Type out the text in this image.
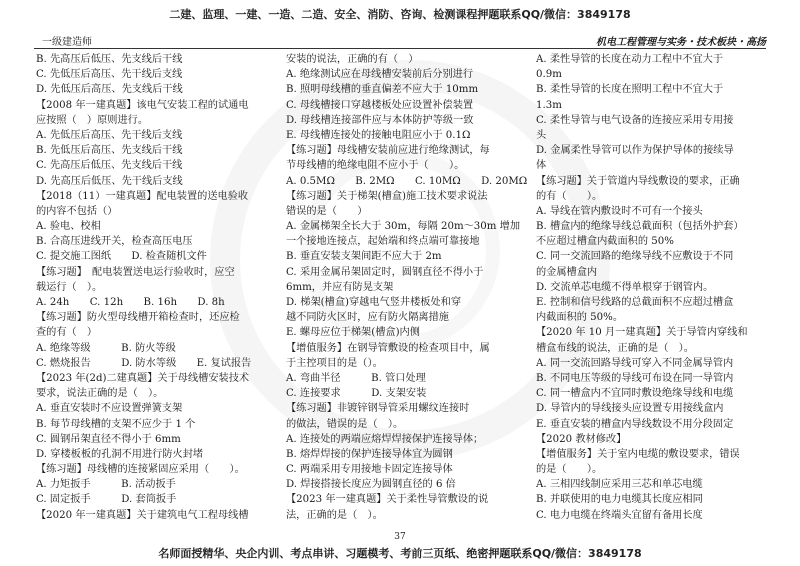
二建、监理、一建、一造、二造、安全、消防、咨询、检测课程押题联系QQ/微信：3849178
一级建造师	机电工程管理与实务・技术板块・高扬
B. 先高压后低压、先支线后干线
C. 先低压后高压、先干线后支线
D. 先低压后高压、先支线后干线
【2008 年一建真题】该电气安装工程的试通电
应按照（　）原则进行。
A. 先低压后高压、先干线后支线
B. 先低压后高压、先支线后干线
C. 先高压后低压、先支线后干线
D. 先高压后低压、先干线后支线
【2018（11）一建真题】配电装置的送电验收
的内容不包括（）
A. 验电、校相
B. 合高压进线开关，检查高压电压
C. 提交施工图纸　　D. 检查随机文件
【练习题】　配电装置送电运行验收时，应空
载运行（　）。
A. 24h　　C. 12h　　B. 16h　　D. 8h
【练习题】防火型母线槽开箱检查时，还应检
查的有（　）
A. 绝缘等级　　　B. 防火等级
C. 燃烧报告　　　D. 防水等级　　E. 复试报告
【2023 年(2d)二建真题】关于母线槽安装技术
要求，说法正确的是（　）。
A. 垂直安装时不应设置弹簧支架
B. 每节母线槽的支架不应少于 1 个
C. 圆钢吊架直径不得小于 6mm
D. 穿楼板板的孔洞不用进行防火封堵
【练习题】母线槽的连接紧固应采用（　　）。
A. 力矩扳手　　　B. 活动扳手
C. 固定扳手　　　D. 套筒扳手
【2020 年一建真题】关于建筑电气工程母线槽
安装的说法，正确的有（　）
A. 绝缘测试应在母线槽安装前后分别进行
B. 照明母线槽的垂直偏差不应大于 10mm
C. 母线槽接口穿越楼板处应设置补偿装置
D. 母线槽连接部件应与本体防护等级一致
E. 母线槽连接处的接触电阻应小于 0.1Ω
【练习题】母线槽安装前应进行绝缘测试，每
节母线槽的绝缘电阻不应小于（　　）。
A. 0.5MΩ　　B. 2MΩ　　C. 10MΩ　　D. 20MΩ
【练习题】关于梯架(槽盒)施工技术要求说法
错误的是（　　）
A. 金属梯架全长大于 30m，每隔 20m～30m 增加
一个接地连接点，起始端和终点端可靠接地
B. 垂直安装支架间距不应大于 2m
C. 采用金属吊架固定时，圆钢直径不得小于
6mm，并应有防晃支架
D. 梯架(槽盒)穿越电气竖井楼板处和穿
越不同防火区时，应有防火隔离措施
E. 螺母应位于梯架(槽盒)内侧
【增值服务】在钢导管敷设的检查项目中，属
于主控项目的是（）。
A. 弯曲半径　　　B. 管口处理
C. 连接要求　　　D. 支架安装
【练习题】非镀锌钢导管采用螺纹连接时
的做法，错误的是（　）。
A. 连接处的两端应熔焊焊接保护连接导体；
B. 熔焊焊接的保护连接导体宜为圆钢
C. 两端采用专用接地卡固定连接导体
D. 焊接搭接长度应为圆钢直径的 6 倍
【2023 年一建真题】关于柔性导管敷设的说
法，正确的是（　）。
A. 柔性导管的长度在动力工程中不宜大于
0.9m
B. 柔性导管的长度在照明工程中不宜大于
1.3m
C. 柔性导管与电气设备的连接应采用专用接
头
D. 金属柔性导管可以作为保护导体的接续导
体
【练习题】关于管道内导线敷设的要求，正确
的有（　　）。
A. 导线在管内敷设时不可有一个接头
B. 槽盒内的绝缘导线总截面积（包括外护套）
不应超过槽盒内截面积的 50%
C. 同一交流回路的绝缘导线不应敷设于不同
的金属槽盒内
D. 交流单芯电缆不得单根穿于钢管内。
E. 控制和信号线路的总截面积不应超过槽盒
内截面积的 50%。
【2020 年 10 月一建真题】关于导管内穿线和
槽盒布线的说法，正确的是（　）。
A. 同一交流回路导线可穿入不同金属导管内
B. 不同电压等级的导线可布设在同一导管内
C. 同一槽盒内不宜同时敷设绝缘导线和电缆
D. 导管内的导线接头应设置专用接线盒内
E. 垂直安装的槽盒内导线数设不用分段固定
【2020 教材修改】
【增值服务】关于室内电缆的敷设要求，错误
的是（　　）。
A. 三相四线制应采用三芯和单芯电缆
B. 并联使用的电力电缆其长度应相同
C. 电力电缆在终端头宜留有备用长度
37
名师面授精华、央企内训、考点串讲、习题模考、考前三页纸、绝密押题联系QQ/微信：3849178
